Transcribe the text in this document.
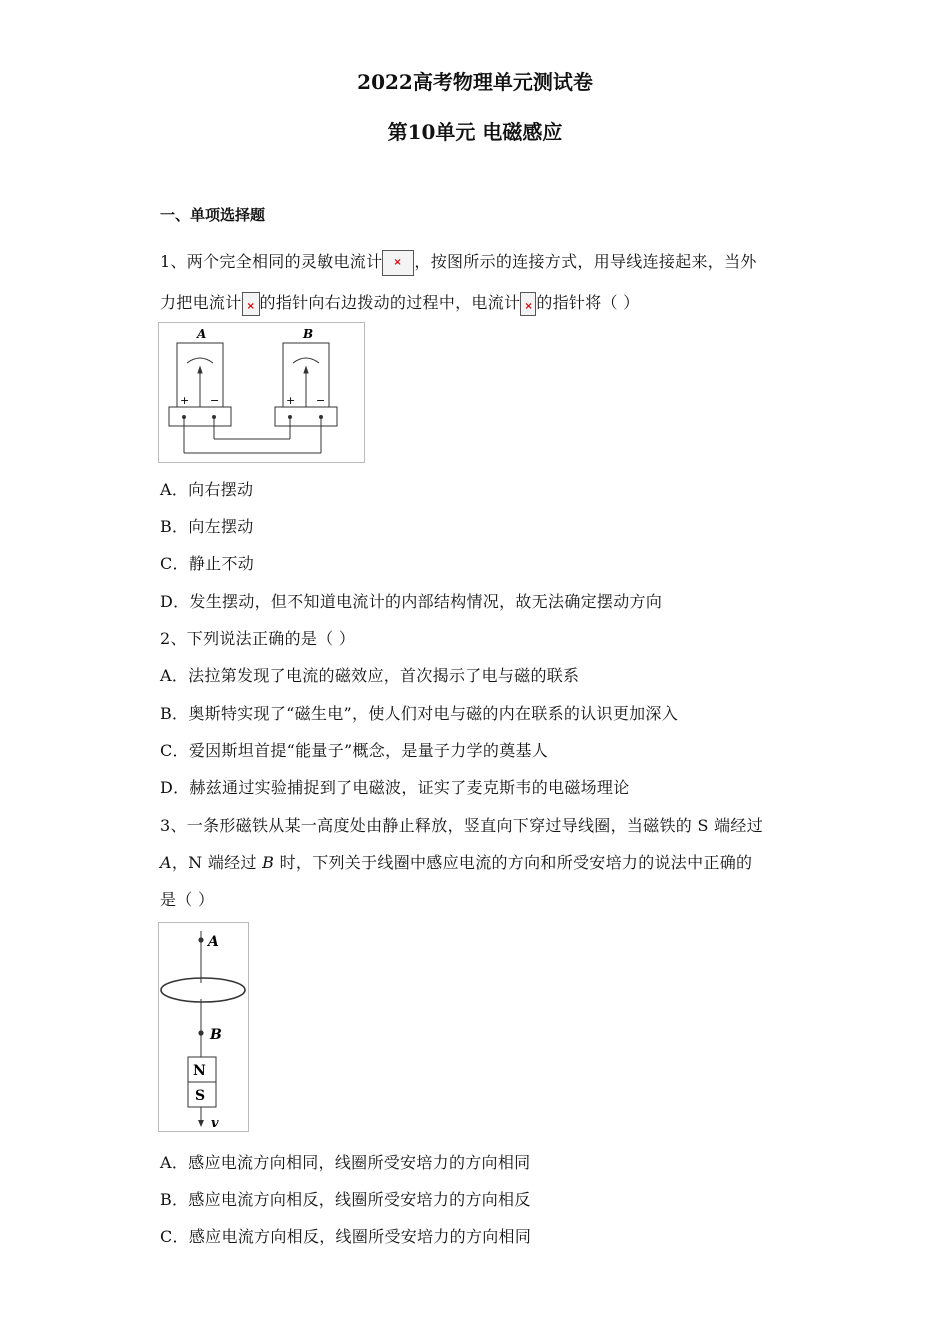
2022高考物理单元测试卷
第10单元 电磁感应
一、单项选择题
1、两个完全相同的灵敏电流计 × ，按图所示的连接方式，用导线连接起来，当外
力把电流计 × 的指针向右边拨动的过程中，电流计 × 的指针将（ ）
A	B
+ −	+ −
A．向右摆动
B．向左摆动
C．静止不动
D．发生摆动，但不知道电流计的内部结构情况，故无法确定摆动方向
2、下列说法正确的是（ ）
A．法拉第发现了电流的磁效应，首次揭示了电与磁的联系
B．奥斯特实现了“磁生电”，使人们对电与磁的内在联系的认识更加深入
C．爱因斯坦首提“能量子”概念，是量子力学的奠基人
D．赫兹通过实验捕捉到了电磁波，证实了麦克斯韦的电磁场理论
3、一条形磁铁从某一高度处由静止释放，竖直向下穿过导线圈，当磁铁的 S 端经过
A，N 端经过 B 时，下列关于线圈中感应电流的方向和所受安培力的说法中正确的
是（ ）
A
B
N
S
v
A．感应电流方向相同，线圈所受安培力的方向相同
B．感应电流方向相反，线圈所受安培力的方向相反
C．感应电流方向相反，线圈所受安培力的方向相同
